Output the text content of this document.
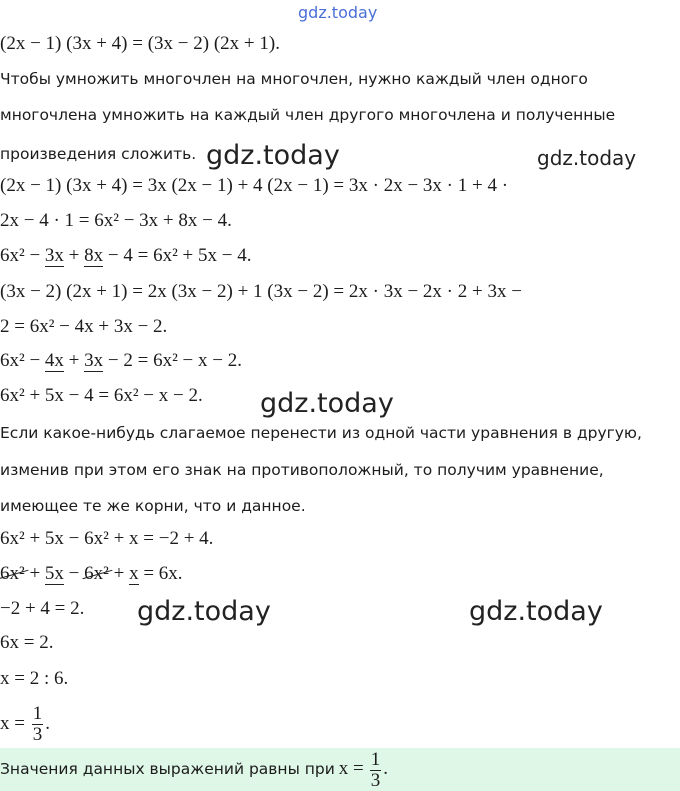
gdz.today
gdz.today	gdz.today
gdz.today
gdz.today	gdz.today
(2x − 1) (3x + 4) = (3x − 2) (2x + 1).
Чтобы умножить многочлен на многочлен, нужно каждый член одного
многочлена умножить на каждый член другого многочлена и полученные
произведения сложить.
(2x − 1) (3x + 4) = 3x (2x − 1) + 4 (2x − 1) = 3x · 2x − 3x · 1 + 4 ·
2x − 4 · 1 = 6x² − 3x + 8x − 4.
6x² − 3x + 8x − 4 = 6x² + 5x − 4.
(3x − 2) (2x + 1) = 2x (3x − 2) + 1 (3x − 2) = 2x · 3x − 2x · 2 + 3x −
2 = 6x² − 4x + 3x − 2.
6x² − 4x + 3x − 2 = 6x² − x − 2.
6x² + 5x − 4 = 6x² − x − 2.
Если какое-нибудь слагаемое перенести из одной части уравнения в другую,
изменив при этом его знак на противоположный, то получим уравнение,
имеющее те же корни, что и данное.
6x² + 5x − 6x² + x = −2 + 4.
6x² + 5x − 6x² + x = 6x.
−2 + 4 = 2.
6x = 2.
x = 2 : 6.
$x = \frac{1}{3}$ .
Значения данных выражений равны при $x = \frac{1}{3}$ .
